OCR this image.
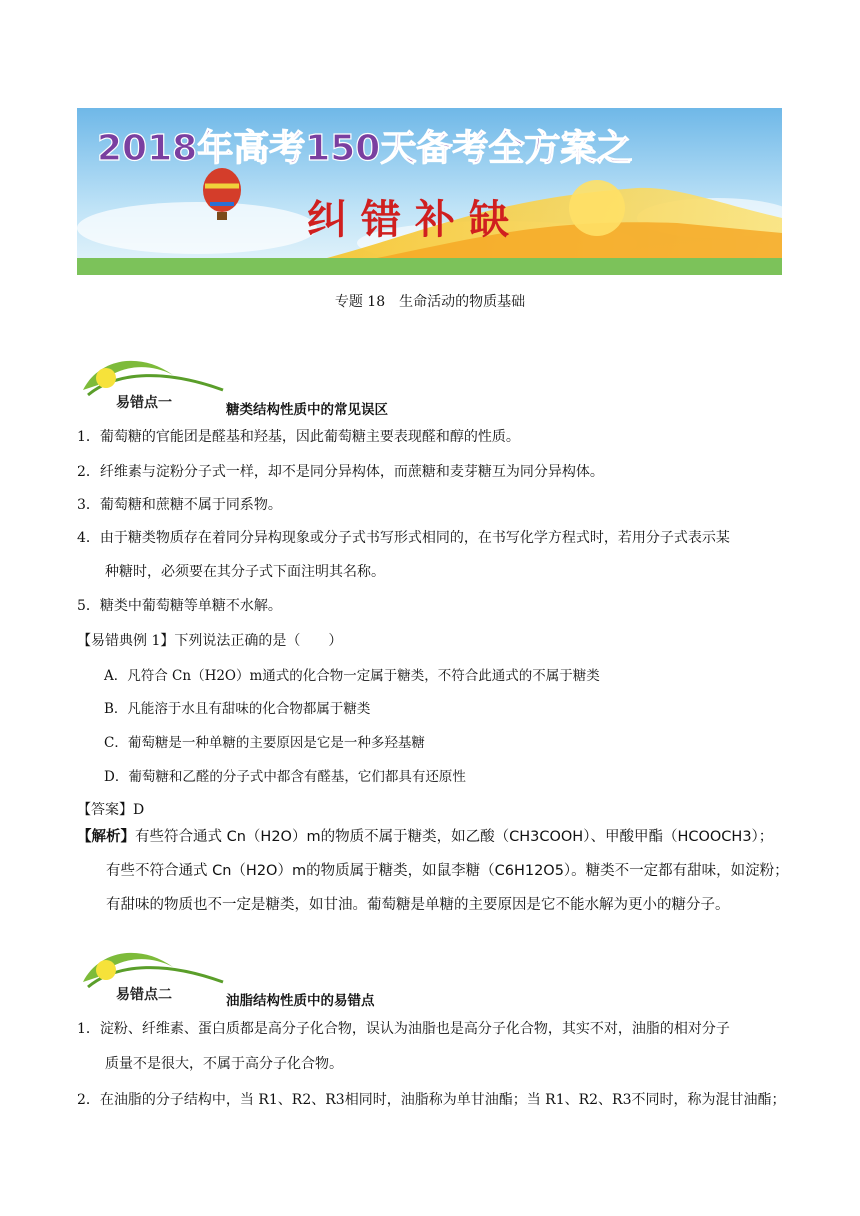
2018年高考150天备考全方案之
纠错补缺
专题 18　生命活动的物质基础
易错点一	糖类结构性质中的常见误区
1．葡萄糖的官能团是醛基和羟基，因此葡萄糖主要表现醛和醇的性质。
2．纤维素与淀粉分子式一样，却不是同分异构体，而蔗糖和麦芽糖互为同分异构体。
3．葡萄糖和蔗糖不属于同系物。
4．由于糖类物质存在着同分异构现象或分子式书写形式相同的，在书写化学方程式时，若用分子式表示某
种糖时，必须要在其分子式下面注明其名称。
5．糖类中葡萄糖等单糖不水解。
【易错典例 1】下列说法正确的是（　　）
A．凡符合 Cn（H2O）m通式的化合物一定属于糖类，不符合此通式的不属于糖类
B．凡能溶于水且有甜味的化合物都属于糖类
C．葡萄糖是一种单糖的主要原因是它是一种多羟基糖
D．葡萄糖和乙醛的分子式中都含有醛基，它们都具有还原性
【答案】D
【解析】有些符合通式 Cn（H2O）m的物质不属于糖类，如乙酸（CH3COOH）、甲酸甲酯（HCOOCH3）；
有些不符合通式 Cn（H2O）m的物质属于糖类，如鼠李糖（C6H12O5）。糖类不一定都有甜味，如淀粉；
有甜味的物质也不一定是糖类，如甘油。葡萄糖是单糖的主要原因是它不能水解为更小的糖分子。
易错点二	油脂结构性质中的易错点
1．淀粉、纤维素、蛋白质都是高分子化合物，误认为油脂也是高分子化合物，其实不对，油脂的相对分子
质量不是很大，不属于高分子化合物。
2．在油脂的分子结构中，当 R1、R2、R3相同时，油脂称为单甘油酯；当 R1、R2、R3不同时，称为混甘油酯；
